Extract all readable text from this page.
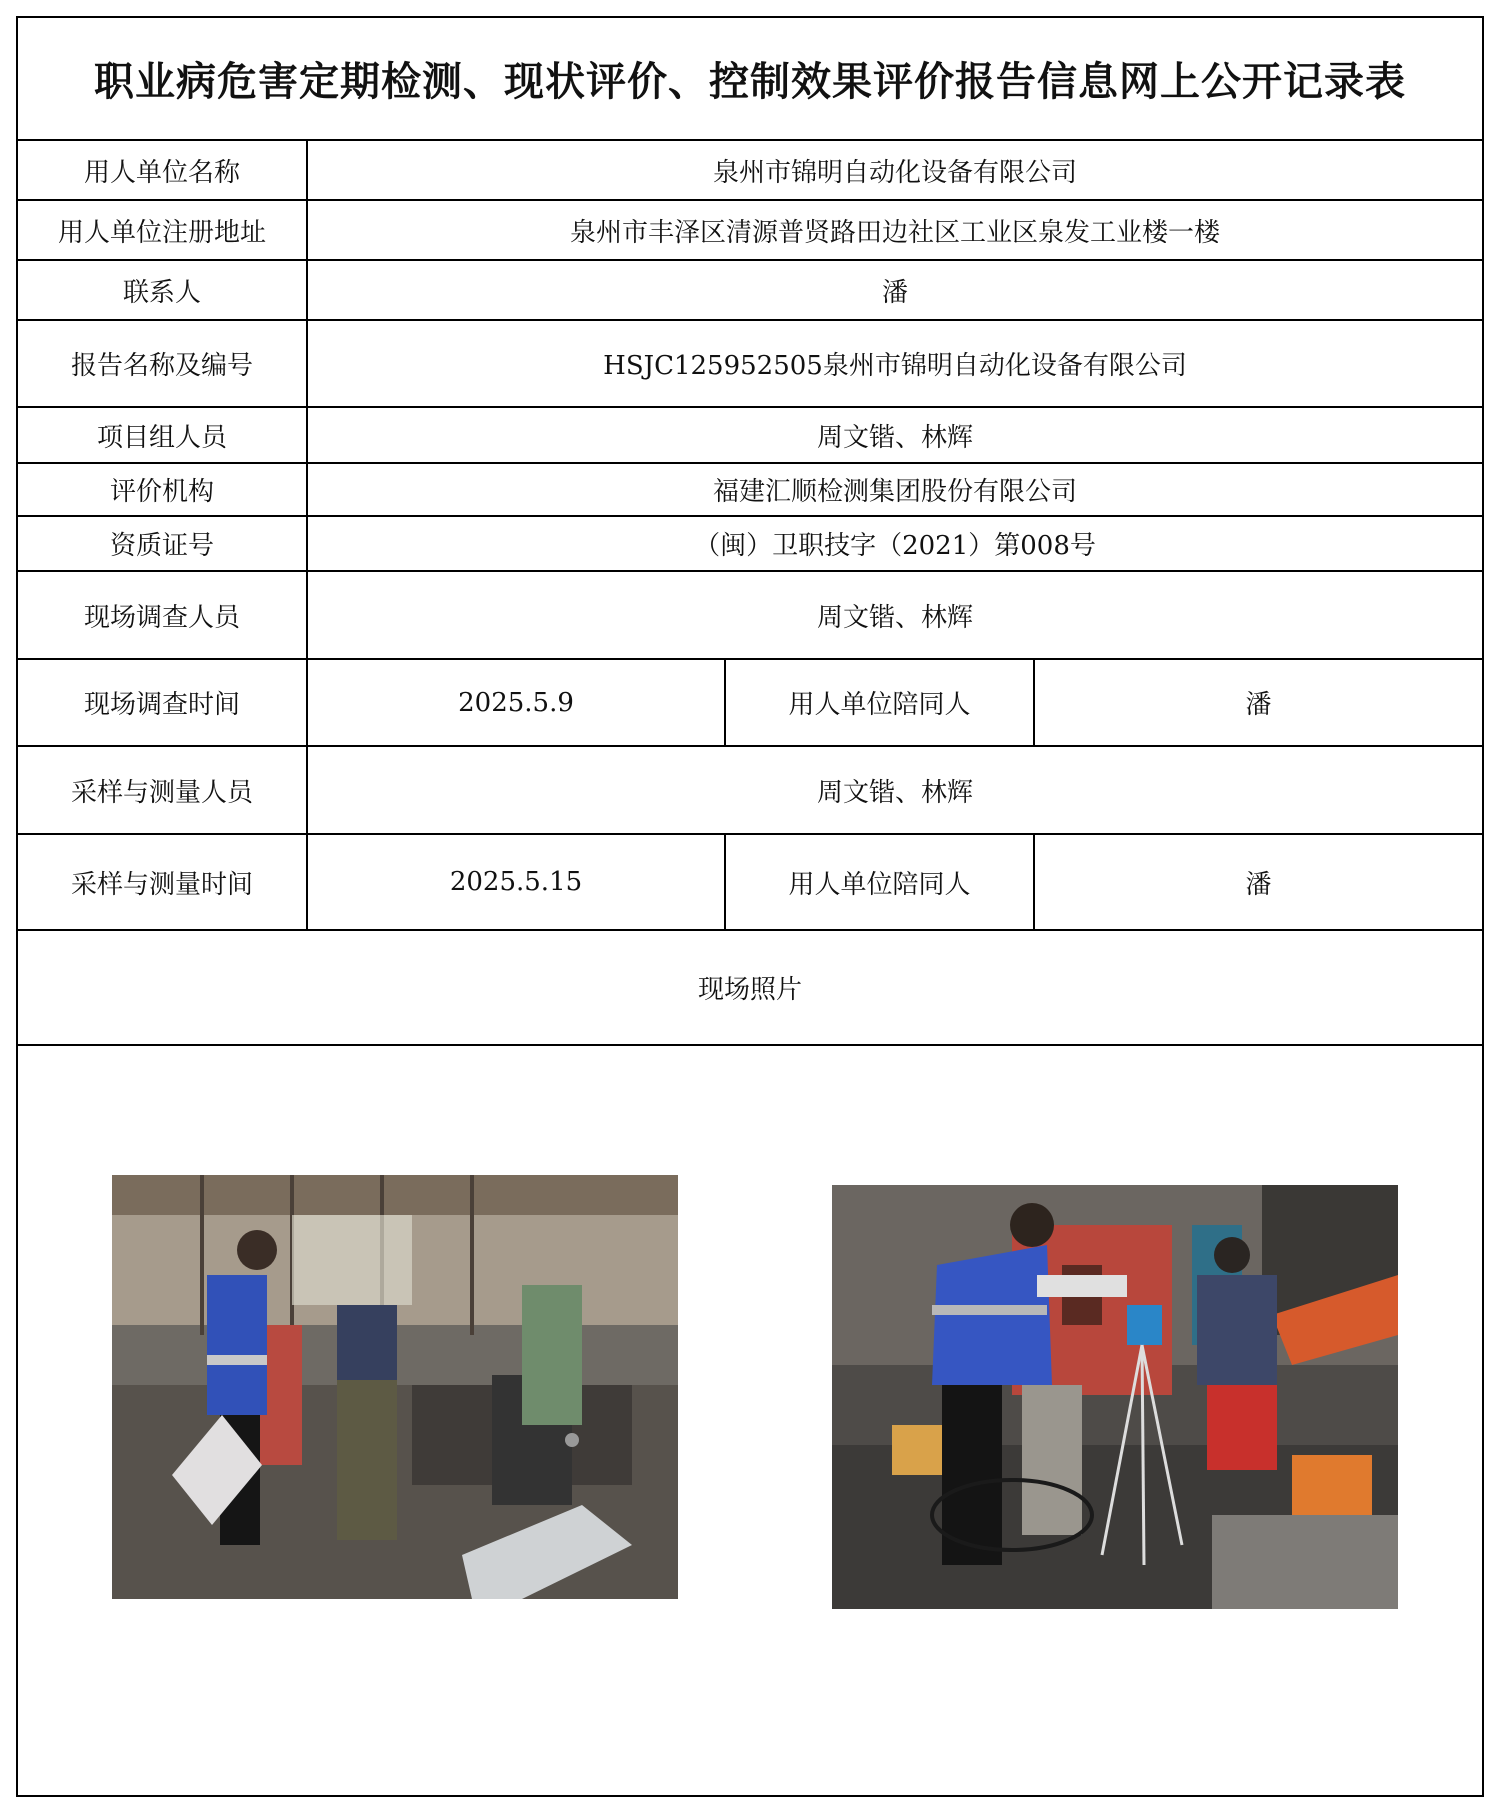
职业病危害定期检测、现状评价、控制效果评价报告信息网上公开记录表
用人单位名称	泉州市锦明自动化设备有限公司
用人单位注册地址	泉州市丰泽区清源普贤路田边社区工业区泉发工业楼一楼
联系人	潘
报告名称及编号	HSJC125952505泉州市锦明自动化设备有限公司
项目组人员	周文锴、林辉
评价机构	福建汇顺检测集团股份有限公司
资质证号	（闽）卫职技字（2021）第008号
现场调查人员	周文锴、林辉
现场调查时间	2025.5.9	用人单位陪同人	潘
采样与测量人员	周文锴、林辉
采样与测量时间	2025.5.15	用人单位陪同人	潘
现场照片
